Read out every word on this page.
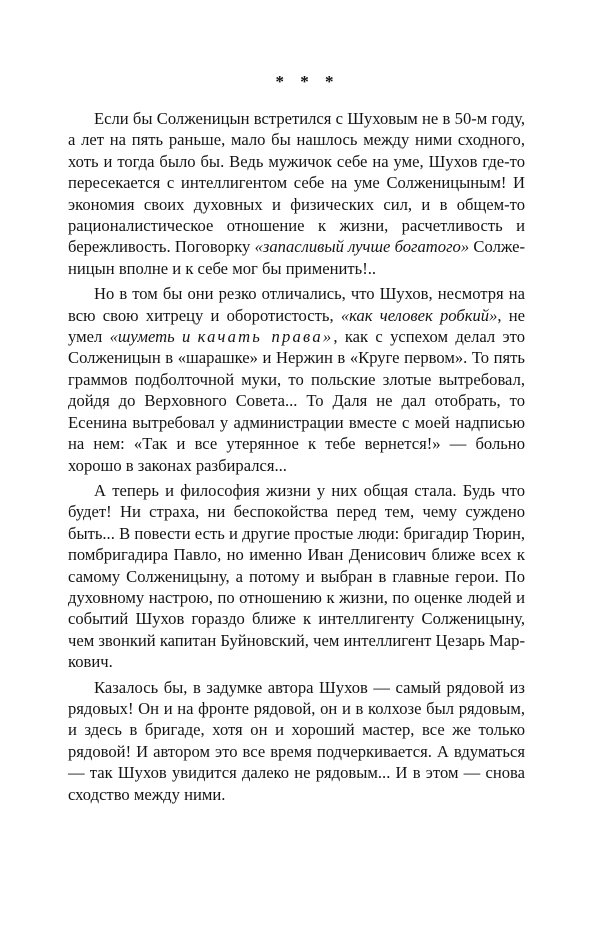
* * *

Если бы Солженицын встретился с Шуховым не в 50-м году, а лет на пять раньше, мало бы нашлось между ними сходного, хоть и тогда было бы. Ведь мужичок себе на уме, Шухов где-то пересекается с интеллигентом себе на уме Солженицыным! И экономия своих духовных и физических сил, и в общем-то рационалистическое отношение к жизни, расчетливость и бережливость. Поговорку «запасливый лучше богатого» Солженицын вполне и к себе мог бы применить!..

Но в том бы они резко отличались, что Шухов, несмотря на всю свою хитрецу и оборотистость, «как человек робкий», не умел «шуметь и качать права», как с успехом делал это Солженицын в «шарашке» и Нержин в «Круге первом». То пять граммов подболточной муки, то польские злотые вытребовал, дойдя до Верховного Совета... То Даля не дал отобрать, то Есенина вытребовал у администрации вместе с моей надписью на нем: «Так и все утерянное к тебе вернется!» — больно хорошо в законах разбирался...

А теперь и философия жизни у них общая стала. Будь что будет! Ни страха, ни беспокойства перед тем, чему суждено быть... В повести есть и другие простые люди: бригадир Тюрин, помбригадира Павло, но именно Иван Денисович ближе всех к самому Солженицыну, а потому и выбран в главные герои. По духовному настрою, по отношению к жизни, по оценке людей и событий Шухов гораздо ближе к интеллигенту Солженицыну, чем звонкий капитан Буйновский, чем интеллигент Цезарь Маркович.

Казалось бы, в задумке автора Шухов — самый рядовой из рядовых! Он и на фронте рядовой, он и в колхозе был рядовым, и здесь в бригаде, хотя он и хороший мастер, все же только рядовой! И автором это все время подчеркивается. А вдуматься — так Шухов увидится далеко не рядовым... И в этом — снова сходство между ними.
